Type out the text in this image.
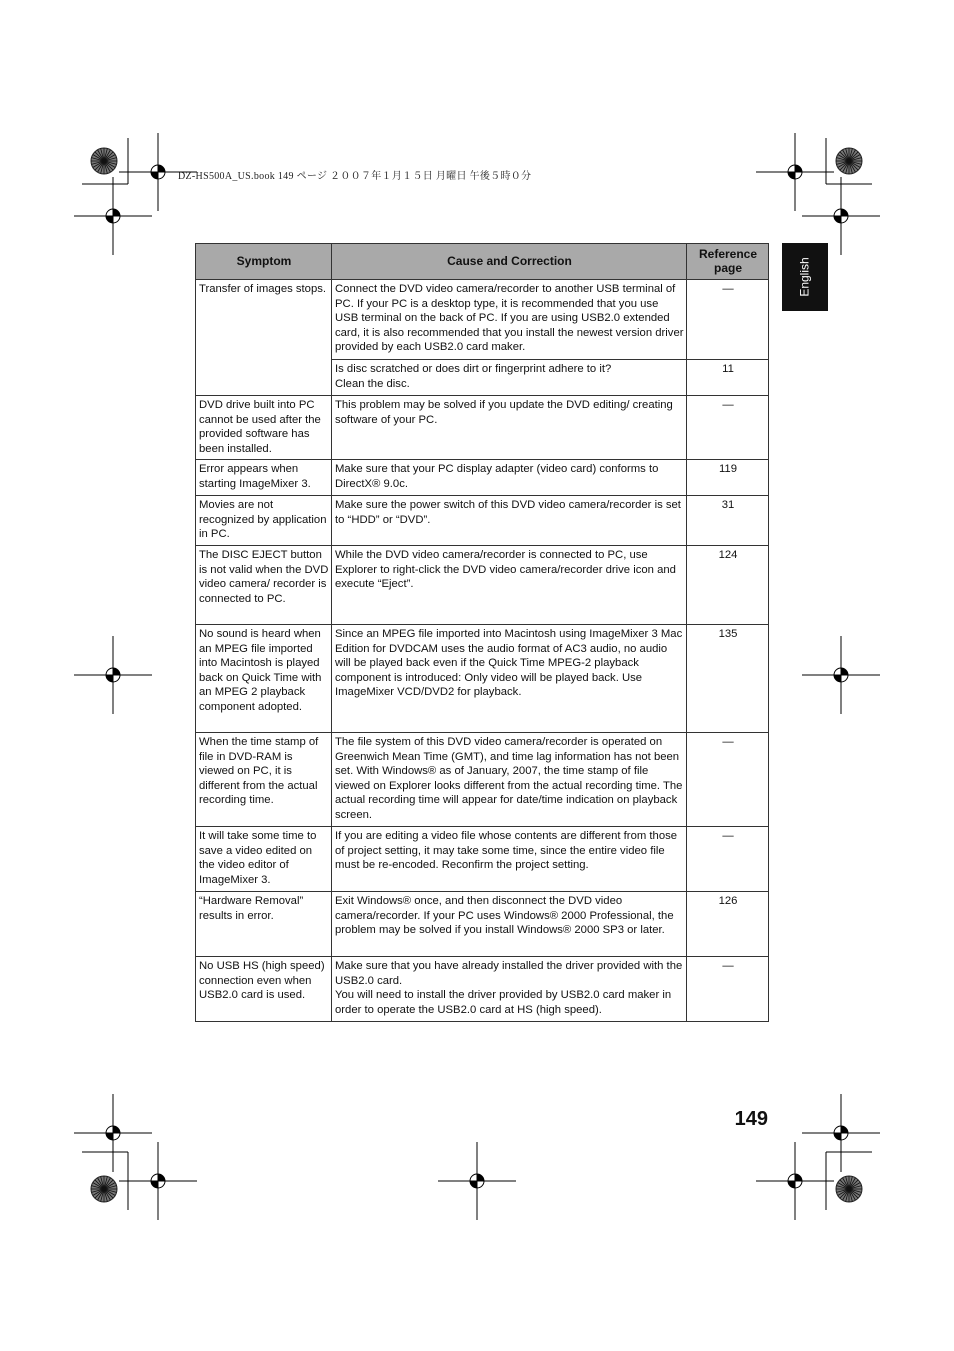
DZ-HS500A_US.book 149 ページ ２００７年１月１５日 月曜日 午後５時０分
English
Symptom	Cause and Correction	Reference page
Transfer of images stops.	Connect the DVD video camera/recorder to another USB terminal of PC. If your PC is a desktop type, it is recommended that you use USB terminal on the back of PC. If you are using USB2.0 extended card, it is also recommended that you install the newest version driver provided by each USB2.0 card maker.	—

	Is disc scratched or does dirt or fingerprint adhere to it?
Clean the disc.	11
DVD drive built into PC cannot be used after the provided software has been installed.	This problem may be solved if you update the DVD editing/ creating software of your PC.	—
Error appears when starting ImageMixer 3.	Make sure that your PC display adapter (video card) conforms to DirectX® 9.0c.	119
Movies are not recognized by application in PC.	Make sure the power switch of this DVD video camera/recorder is set to “HDD” or “DVD”.	31
The DISC EJECT button is not valid when the DVD video camera/ recorder is connected to PC.	While the DVD video camera/recorder is connected to PC, use Explorer to right-click the DVD video camera/recorder drive icon and execute “Eject”.	124
No sound is heard when an MPEG file imported into Macintosh is played back on Quick Time with an MPEG 2 playback component adopted.	Since an MPEG file imported into Macintosh using ImageMixer 3 Mac Edition for DVDCAM uses the audio format of AC3 audio, no audio will be played back even if the Quick Time MPEG-2 playback component is introduced: Only video will be played back. Use ImageMixer VCD/DVD2 for playback.	135
When the time stamp of file in DVD-RAM is viewed on PC, it is different from the actual recording time.	The file system of this DVD video camera/recorder is operated on Greenwich Mean Time (GMT), and time lag information has not been set. With Windows® as of January, 2007, the time stamp of file viewed on Explorer looks different from the actual recording time. The actual recording time will appear for date/time indication on playback screen.	—
It will take some time to save a video edited on the video editor of ImageMixer 3.	If you are editing a video file whose contents are different from those of project setting, it may take some time, since the entire video file must be re-encoded. Reconfirm the project setting.	—
“Hardware Removal” results in error.	Exit Windows® once, and then disconnect the DVD video camera/recorder. If your PC uses Windows® 2000 Professional, the problem may be solved if you install Windows® 2000 SP3 or later.	126
No USB HS (high speed) connection even when USB2.0 card is used.	Make sure that you have already installed the driver provided with the USB2.0 card.
You will need to install the driver provided by USB2.0 card maker in order to operate the USB2.0 card at HS (high speed).	—
149
